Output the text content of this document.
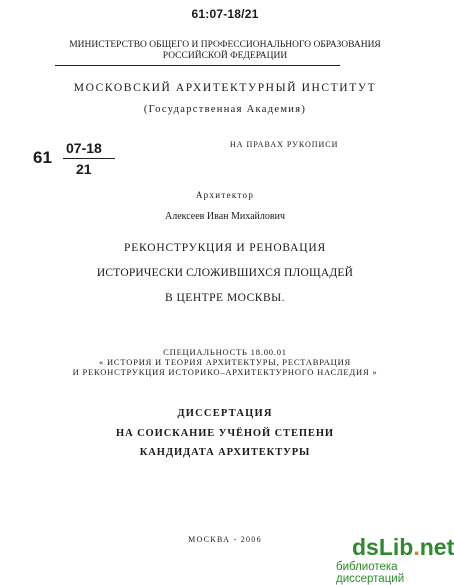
61:07-18/21
МИНИСТЕРСТВО ОБЩЕГО И ПРОФЕССИОНАЛЬНОГО ОБРАЗОВАНИЯ
РОССИЙСКОЙ ФЕДЕРАЦИИ
МОСКОВСКИЙ АРХИТЕКТУРНЫЙ ИНСТИТУТ
(Государственная Академия)
61 07-18
21
НА ПРАВАХ РУКОПИСИ
Архитектор
Алексеев Иван Михайлович
РЕКОНСТРУКЦИЯ И РЕНОВАЦИЯ
ИСТОРИЧЕСКИ СЛОЖИВШИХСЯ ПЛОЩАДЕЙ
В ЦЕНТРЕ МОСКВЫ.
СПЕЦИАЛЬНОСТЬ 18.00.01
« ИСТОРИЯ И ТЕОРИЯ АРХИТЕКТУРЫ, РЕСТАВРАЦИЯ
И РЕКОНСТРУКЦИЯ ИСТОРИКО–АРХИТЕКТУРНОГО НАСЛЕДИЯ »
ДИССЕРТАЦИЯ
НА СОИСКАНИЕ УЧЁНОЙ СТЕПЕНИ
КАНДИДАТА АРХИТЕКТУРЫ
МОСКВА - 2006	dsLib.net
библиотека диссертаций
